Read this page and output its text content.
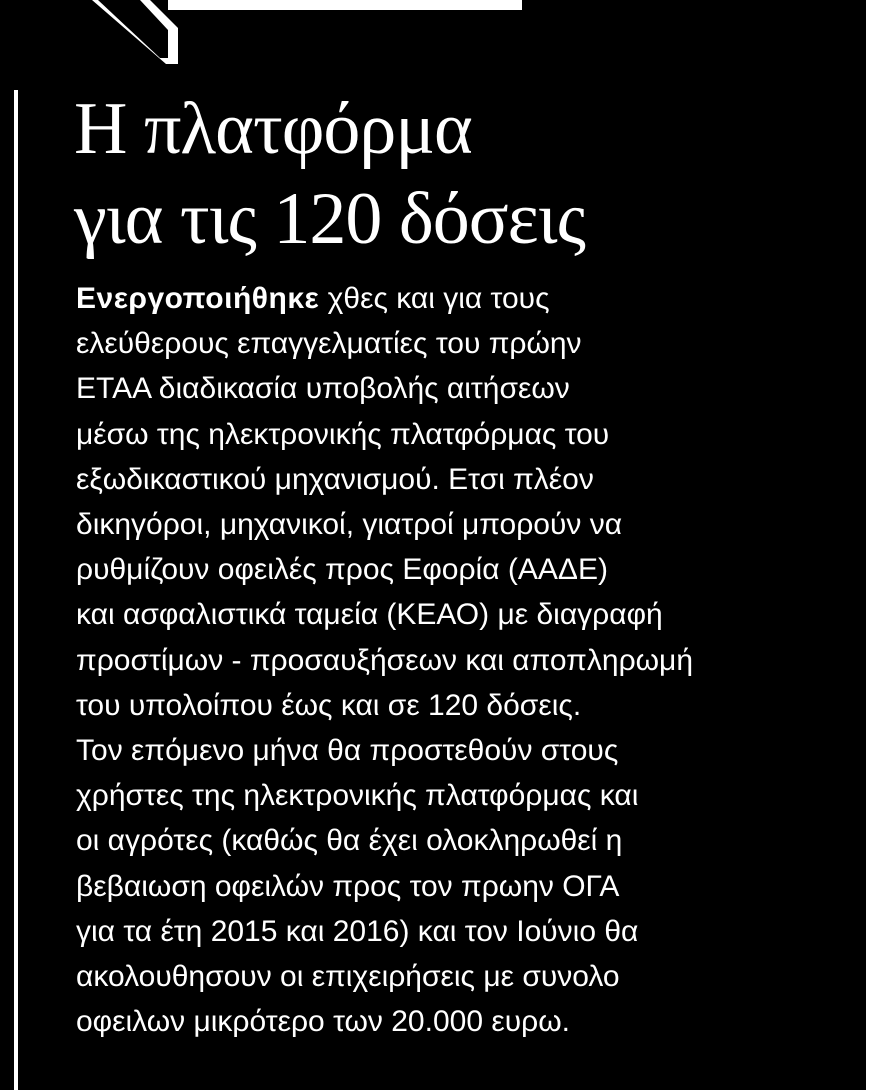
Η πλατφόρμα
για τις 120 δόσεις

Ενεργοποιήθηκε χθες και για τους
ελεύθερους επαγγελματίες του πρώην
ΕΤΑΑ διαδικασία υποβολής αιτήσεων
μέσω της ηλεκτρονικής πλατφόρμας του
εξωδικαστικού μηχανισμού. Ετσι πλέον
δικηγόροι, μηχανικοί, γιατροί μπορούν να
ρυθμίζουν οφειλές προς Εφορία (ΑΑΔΕ)
και ασφαλιστικά ταμεία (ΚΕΑΟ) με διαγραφή
προστίμων - προσαυξήσεων και αποπληρωμή
του υπολοίπου έως και σε 120 δόσεις.
Τον επόμενο μήνα θα προστεθούν στους
χρήστες της ηλεκτρονικής πλατφόρμας και
οι αγρότες (καθώς θα έχει ολοκληρωθεί η
βεβαιωση οφειλών προς τον πρωην ΟΓΑ
για τα έτη 2015 και 2016) και τον Ιούνιο θα
ακολουθησουν οι επιχειρήσεις με συνολο
οφειλων μικρότερο των 20.000 ευρω.
